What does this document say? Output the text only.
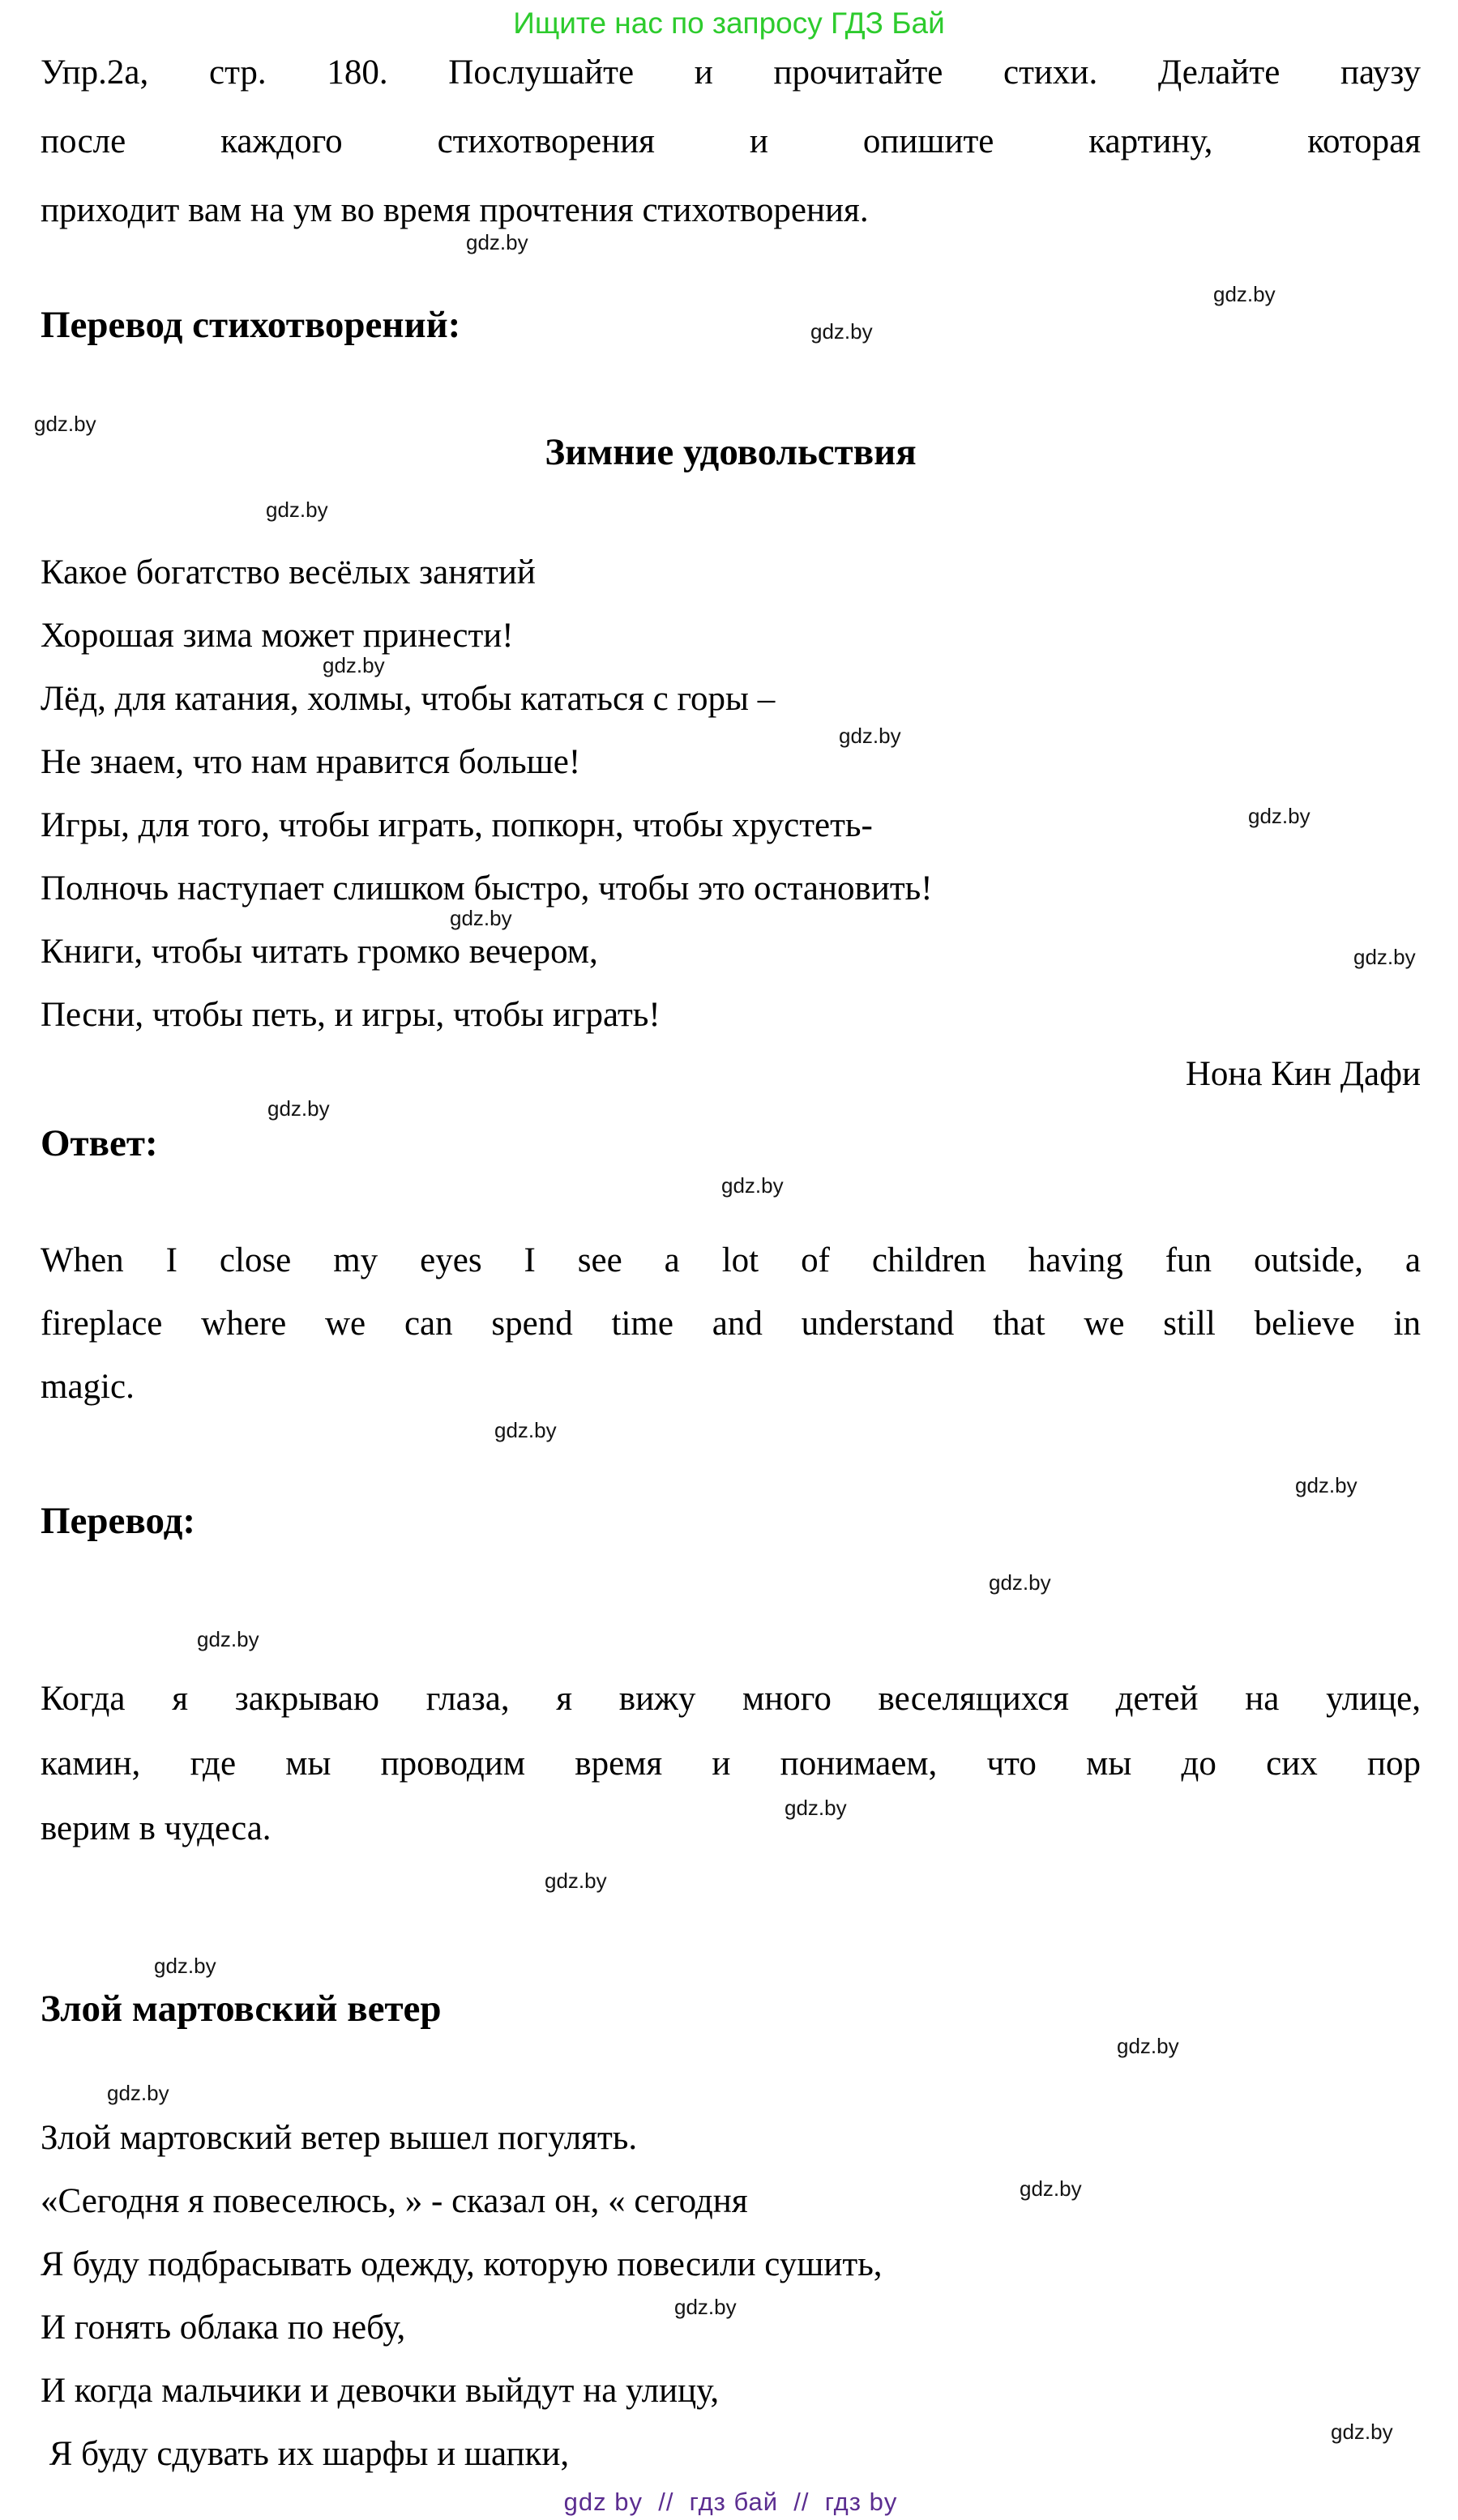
Ищите нас по запросу ГДЗ Бай
Упр.2а, стр. 180. Послушайте и прочитайте стихи. Делайте паузу
после каждого стихотворения и опишите картину, которая
приходит вам на ум во время прочтения стихотворения.
Перевод стихотворений:
Зимние удовольствия
Какое богатство весёлых занятий
Хорошая зима может принести!
Лёд, для катания, холмы, чтобы кататься с горы –
Не знаем, что нам нравится больше!
Игры, для того, чтобы играть, попкорн, чтобы хрустеть-
Полночь наступает слишком быстро, чтобы это остановить!
Книги, чтобы читать громко вечером,
Песни, чтобы петь, и игры, чтобы играть!
Нона Кин Дафи
Ответ:
When I close my eyes I see a lot of children having fun outside, a
fireplace where we can spend time and understand that we still believe in
magic.
Перевод:
Когда я закрываю глаза, я вижу много веселящихся детей на улице,
камин, где мы проводим время и понимаем, что мы до сих пор
верим в чудеса.
Злой мартовский ветер
Злой мартовский ветер вышел погулять.
«Сегодня я повеселюсь, » - сказал он, « сегодня
Я буду подбрасывать одежду, которую повесили сушить,
И гонять облака по небу,
И когда мальчики и девочки выйдут на улицу,
Я буду сдувать их шарфы и шапки,
gdz by  //  гдз бай  //  гдз by
gdz.by
gdz.by
gdz.by
gdz.by
gdz.by
gdz.by
gdz.by
gdz.by
gdz.by
gdz.by
gdz.by
gdz.by
gdz.by
gdz.by
gdz.by
gdz.by
gdz.by
gdz.by
gdz.by
gdz.by
gdz.by
gdz.by
gdz.by
gdz.by
